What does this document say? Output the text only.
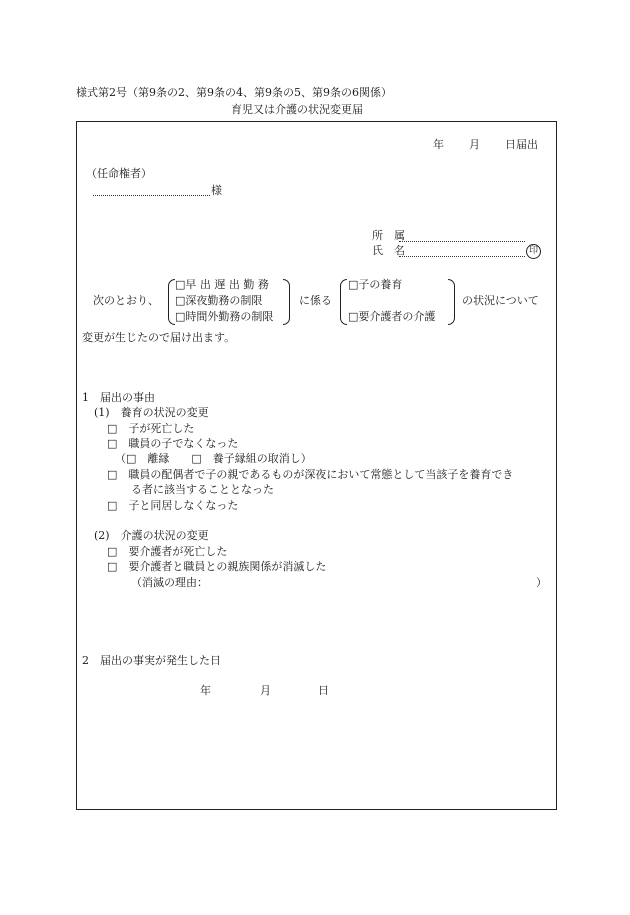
様式第2号（第9条の2、第9条の4、第9条の5、第9条の6関係）
育児又は介護の状況変更届
年 月 日届出
（任命権者）
様
所　属
氏　名	印
次のとおり、
□早 出 遅 出 勤 務
□深夜勤務の制限
□時間外勤務の制限
に係る
□子の養育
□要介護者の介護
の状況について
変更が生じたので届け出ます。
1　届出の事由
(1)　養育の状況の変更
□　子が死亡した
□　職員の子でなくなった
（□　離縁　　□　養子縁組の取消し）
□　職員の配偶者で子の親であるものが深夜において常態として当該子を養育でき
る者に該当することとなった
□　子と同居しなくなった
(2)　介護の状況の変更
□　要介護者が死亡した
□　要介護者と職員との親族関係が消滅した
（消滅の理由：	）
2　届出の事実が発生した日
年	月	日
